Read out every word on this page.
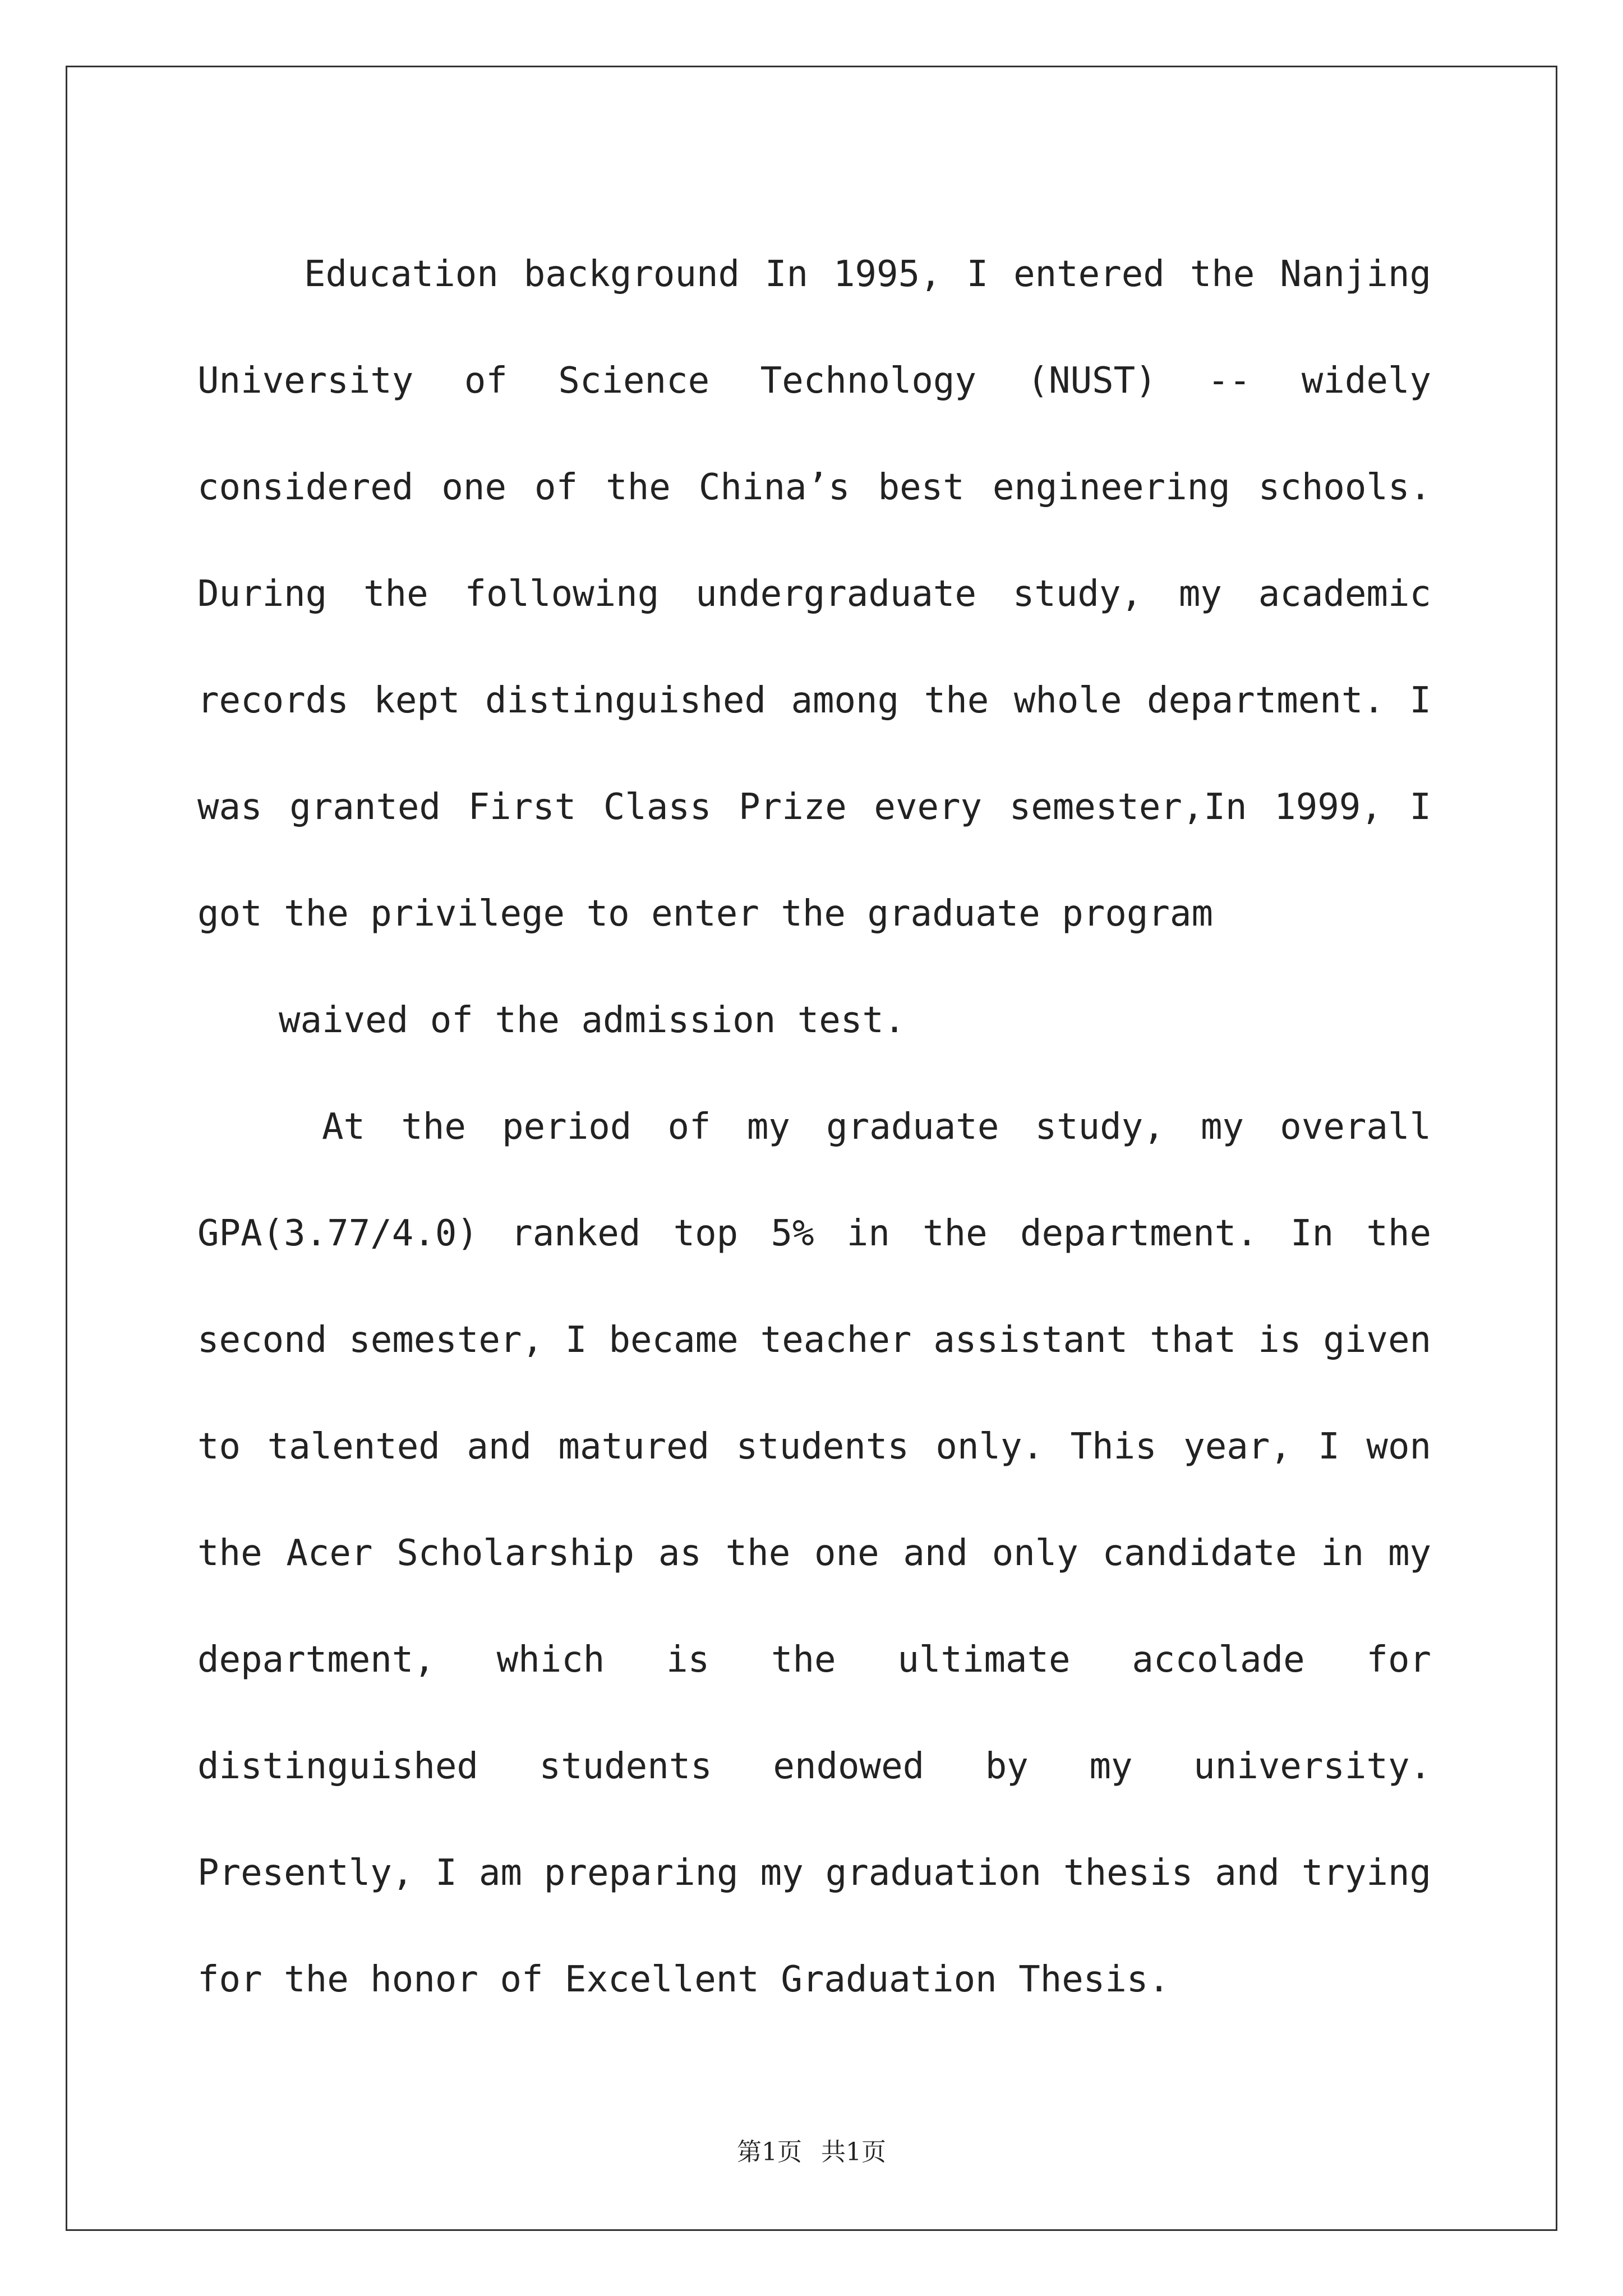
Education background In 1995, I entered the Nanjing University of Science Technology (NUST) -- widely considered one of the China’s best engineering schools. During the following undergraduate study, my academic records kept distinguished among the whole department. I was granted First Class Prize every semester,In 1999, I got the privilege to enter the graduate program

waived of the admission test.

At the period of my graduate study, my overall GPA(3.77/4.0) ranked top 5% in the department. In the second semester, I became teacher assistant that is given to talented and matured students only. This year, I won the Acer Scholarship as the one and only candidate in my department, which is the ultimate accolade for distinguished students endowed by my university. Presently, I am preparing my graduation thesis and trying for the honor of Excellent Graduation Thesis.

第1页 共1页
